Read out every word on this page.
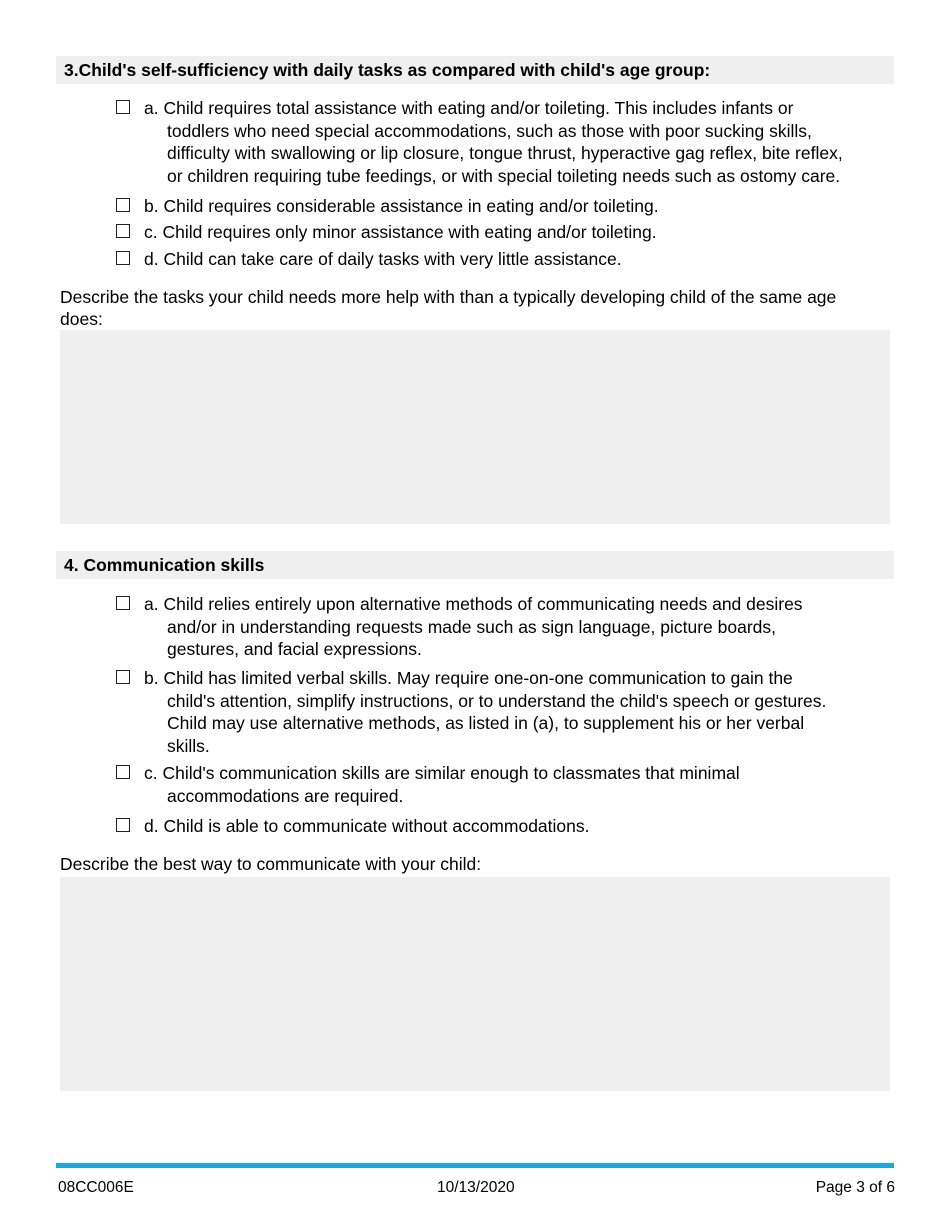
3.Child's self-sufficiency with daily tasks as compared with child's age group:
a. Child requires total assistance with eating and/or toileting. This includes infants or
toddlers who need special accommodations, such as those with poor sucking skills,
difficulty with swallowing or lip closure, tongue thrust, hyperactive gag reflex, bite reflex,
or children requiring tube feedings, or with special toileting needs such as ostomy care.
b. Child requires considerable assistance in eating and/or toileting.
c. Child requires only minor assistance with eating and/or toileting.
d. Child can take care of daily tasks with very little assistance.
Describe the tasks your child needs more help with than a typically developing child of the same age
does:
4. Communication skills
a. Child relies entirely upon alternative methods of communicating needs and desires
and/or in understanding requests made such as sign language, picture boards,
gestures, and facial expressions.
b. Child has limited verbal skills. May require one-on-one communication to gain the
child's attention, simplify instructions, or to understand the child's speech or gestures.
Child may use alternative methods, as listed in (a), to supplement his or her verbal
skills.
c. Child's communication skills are similar enough to classmates that minimal
accommodations are required.
d. Child is able to communicate without accommodations.
Describe the best way to communicate with your child:
08CC006E	10/13/2020	Page 3 of 6
